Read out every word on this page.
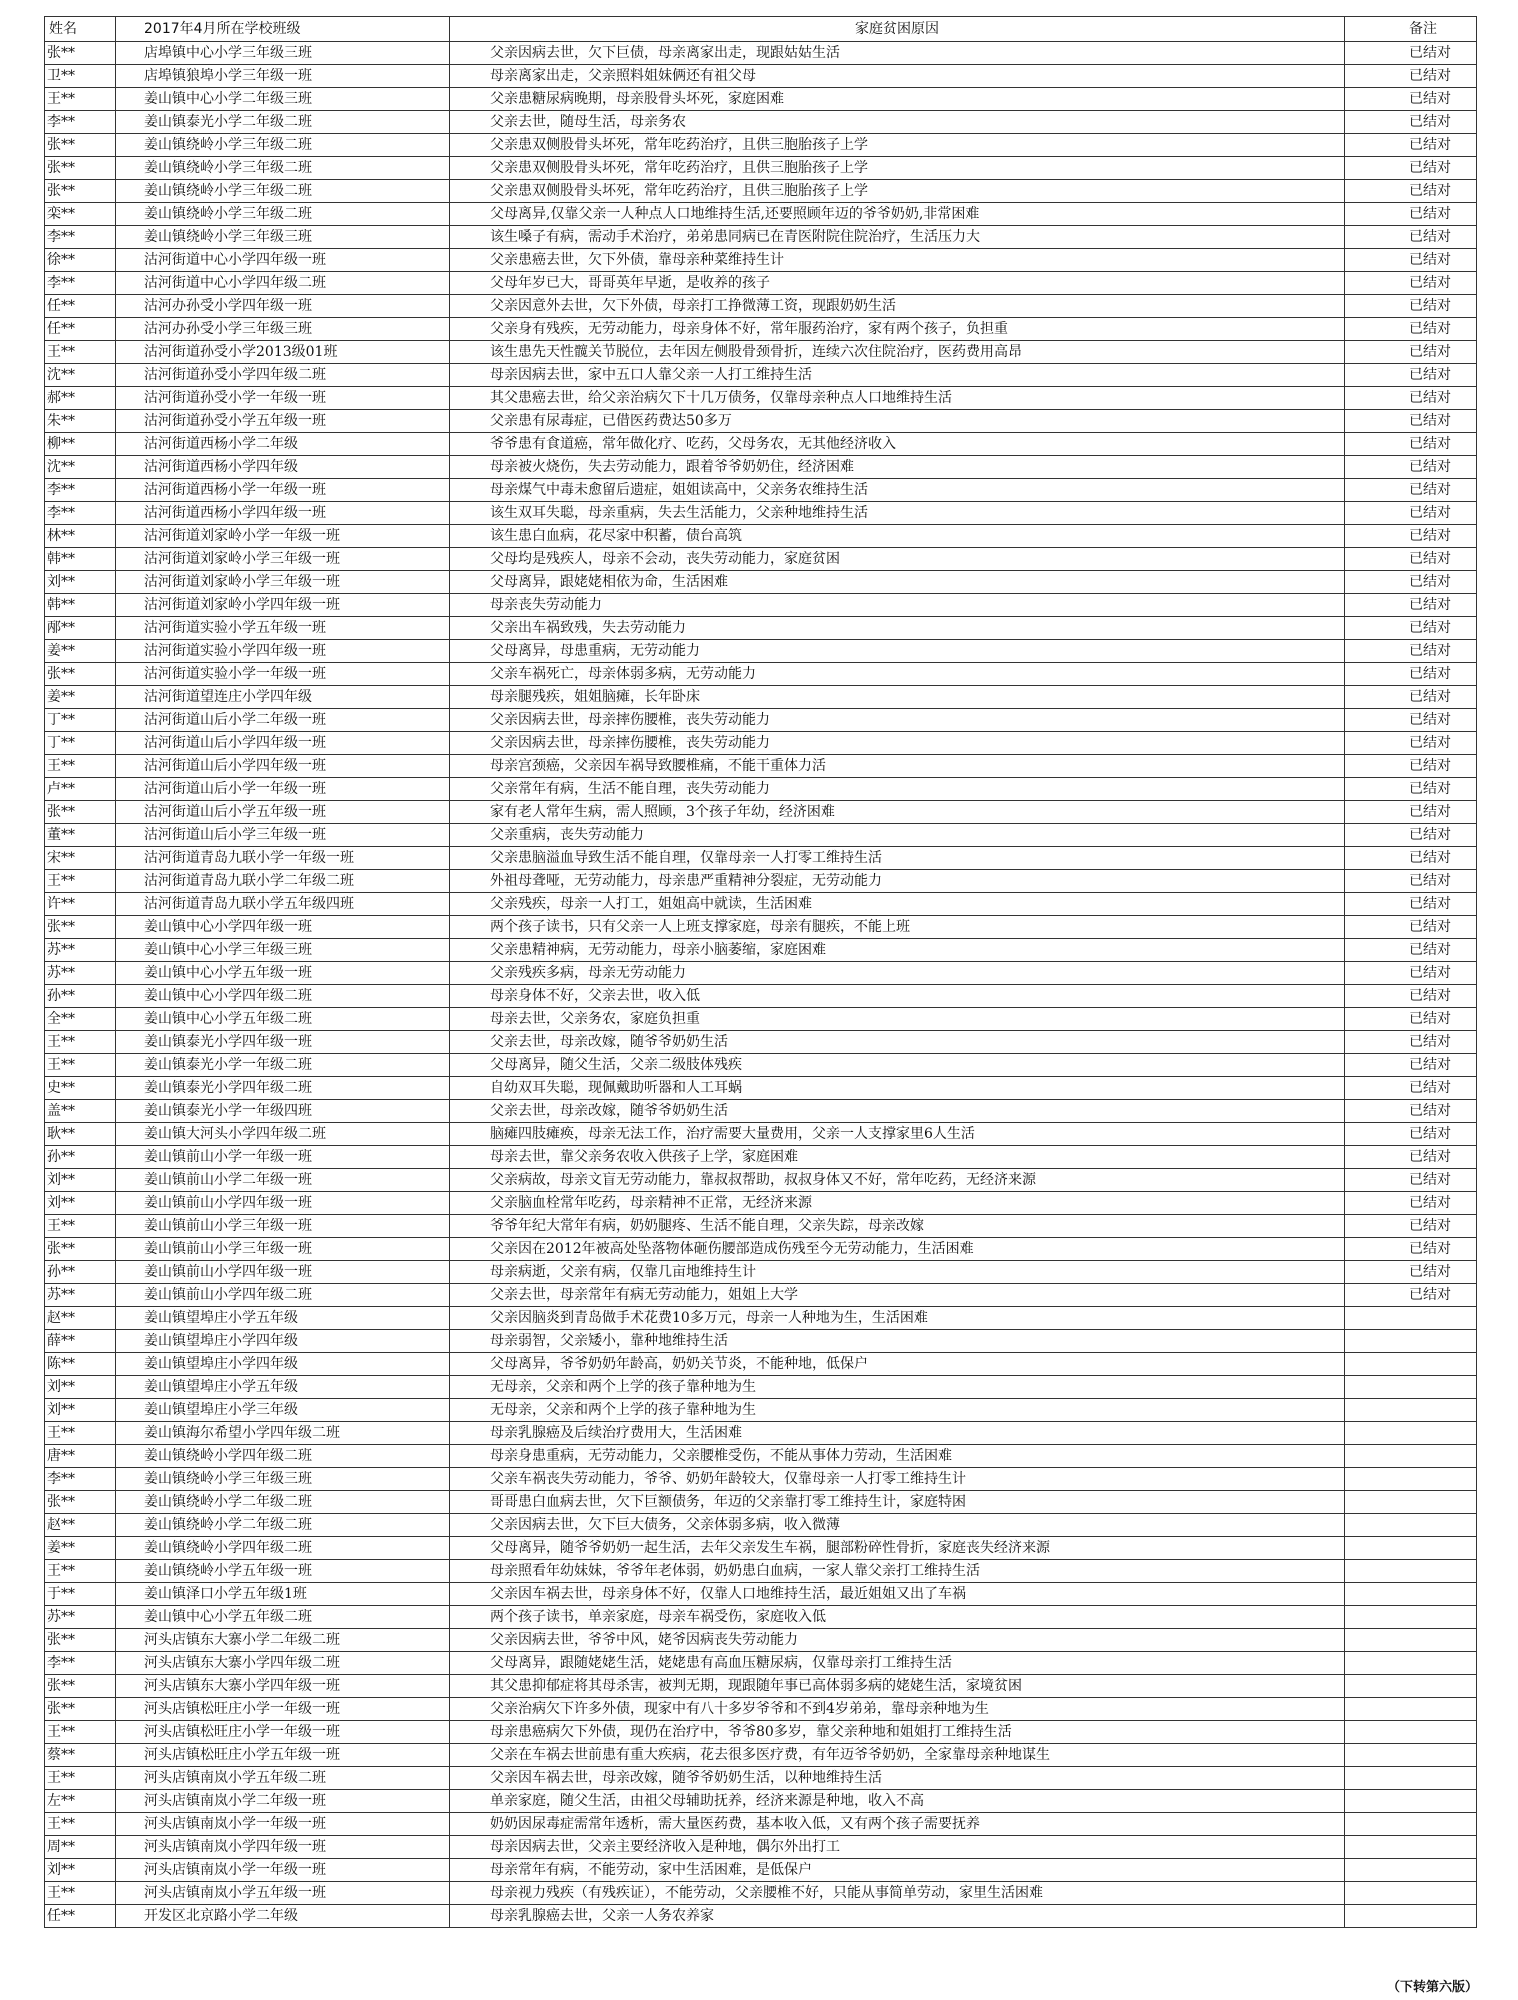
姓名	2017年4月所在学校班级	家庭贫困原因	备注
张**	店埠镇中心小学三年级三班	父亲因病去世，欠下巨债，母亲离家出走，现跟姑姑生活	已结对
卫**	店埠镇狼埠小学三年级一班	母亲离家出走，父亲照料姐妹俩还有祖父母	已结对
王**	姜山镇中心小学二年级三班	父亲患糖尿病晚期，母亲股骨头坏死，家庭困难	已结对
李**	姜山镇泰光小学二年级二班	父亲去世，随母生活，母亲务农	已结对
张**	姜山镇绕岭小学三年级二班	父亲患双侧股骨头坏死，常年吃药治疗，且供三胞胎孩子上学	已结对
张**	姜山镇绕岭小学三年级二班	父亲患双侧股骨头坏死，常年吃药治疗，且供三胞胎孩子上学	已结对
张**	姜山镇绕岭小学三年级二班	父亲患双侧股骨头坏死，常年吃药治疗，且供三胞胎孩子上学	已结对
栾**	姜山镇绕岭小学三年级二班	父母离异,仅靠父亲一人种点人口地维持生活,还要照顾年迈的爷爷奶奶,非常困难	已结对
李**	姜山镇绕岭小学三年级三班	该生嗓子有病，需动手术治疗，弟弟患同病已在青医附院住院治疗，生活压力大	已结对
徐**	沽河街道中心小学四年级一班	父亲患癌去世，欠下外债，靠母亲种菜维持生计	已结对
李**	沽河街道中心小学四年级二班	父母年岁已大，哥哥英年早逝，是收养的孩子	已结对
任**	沽河办孙受小学四年级一班	父亲因意外去世，欠下外债，母亲打工挣微薄工资，现跟奶奶生活	已结对
任**	沽河办孙受小学三年级三班	父亲身有残疾，无劳动能力，母亲身体不好，常年服药治疗，家有两个孩子，负担重	已结对
王**	沽河街道孙受小学2013级01班	该生患先天性髋关节脱位，去年因左侧股骨颈骨折，连续六次住院治疗，医药费用高昂	已结对
沈**	沽河街道孙受小学四年级二班	母亲因病去世，家中五口人靠父亲一人打工维持生活	已结对
郝**	沽河街道孙受小学一年级一班	其父患癌去世，给父亲治病欠下十几万债务，仅靠母亲种点人口地维持生活	已结对
朱**	沽河街道孙受小学五年级一班	父亲患有尿毒症，已借医药费达50多万	已结对
柳**	沽河街道西杨小学二年级	爷爷患有食道癌，常年做化疗、吃药，父母务农，无其他经济收入	已结对
沈**	沽河街道西杨小学四年级	母亲被火烧伤，失去劳动能力，跟着爷爷奶奶住，经济困难	已结对
李**	沽河街道西杨小学一年级一班	母亲煤气中毒未愈留后遗症，姐姐读高中，父亲务农维持生活	已结对
李**	沽河街道西杨小学四年级一班	该生双耳失聪，母亲重病，失去生活能力，父亲种地维持生活	已结对
林**	沽河街道刘家岭小学一年级一班	该生患白血病，花尽家中积蓄，债台高筑	已结对
韩**	沽河街道刘家岭小学三年级一班	父母均是残疾人，母亲不会动，丧失劳动能力，家庭贫困	已结对
刘**	沽河街道刘家岭小学三年级一班	父母离异，跟姥姥相依为命，生活困难	已结对
韩**	沽河街道刘家岭小学四年级一班	母亲丧失劳动能力	已结对
邴**	沽河街道实验小学五年级一班	父亲出车祸致残，失去劳动能力	已结对
姜**	沽河街道实验小学四年级一班	父母离异，母患重病，无劳动能力	已结对
张**	沽河街道实验小学一年级一班	父亲车祸死亡，母亲体弱多病，无劳动能力	已结对
姜**	沽河街道望连庄小学四年级	母亲腿残疾，姐姐脑瘫，长年卧床	已结对
丁**	沽河街道山后小学二年级一班	父亲因病去世，母亲摔伤腰椎，丧失劳动能力	已结对
丁**	沽河街道山后小学四年级一班	父亲因病去世，母亲摔伤腰椎，丧失劳动能力	已结对
王**	沽河街道山后小学四年级一班	母亲宫颈癌，父亲因车祸导致腰椎痛，不能干重体力活	已结对
卢**	沽河街道山后小学一年级一班	父亲常年有病，生活不能自理，丧失劳动能力	已结对
张**	沽河街道山后小学五年级一班	家有老人常年生病，需人照顾，3个孩子年幼，经济困难	已结对
董**	沽河街道山后小学三年级一班	父亲重病，丧失劳动能力	已结对
宋**	沽河街道青岛九联小学一年级一班	父亲患脑溢血导致生活不能自理，仅靠母亲一人打零工维持生活	已结对
王**	沽河街道青岛九联小学二年级二班	外祖母聋哑，无劳动能力，母亲患严重精神分裂症，无劳动能力	已结对
许**	沽河街道青岛九联小学五年级四班	父亲残疾，母亲一人打工，姐姐高中就读，生活困难	已结对
张**	姜山镇中心小学四年级一班	两个孩子读书，只有父亲一人上班支撑家庭，母亲有腿疾，不能上班	已结对
苏**	姜山镇中心小学三年级三班	父亲患精神病，无劳动能力，母亲小脑萎缩，家庭困难	已结对
苏**	姜山镇中心小学五年级一班	父亲残疾多病，母亲无劳动能力	已结对
孙**	姜山镇中心小学四年级二班	母亲身体不好，父亲去世，收入低	已结对
全**	姜山镇中心小学五年级二班	母亲去世，父亲务农，家庭负担重	已结对
王**	姜山镇泰光小学四年级一班	父亲去世，母亲改嫁，随爷爷奶奶生活	已结对
王**	姜山镇泰光小学一年级二班	父母离异，随父生活，父亲二级肢体残疾	已结对
史**	姜山镇泰光小学四年级二班	自幼双耳失聪，现佩戴助听器和人工耳蜗	已结对
盖**	姜山镇泰光小学一年级四班	父亲去世，母亲改嫁，随爷爷奶奶生活	已结对
耿**	姜山镇大河头小学四年级二班	脑瘫四肢瘫痪，母亲无法工作，治疗需要大量费用，父亲一人支撑家里6人生活	已结对
孙**	姜山镇前山小学一年级一班	母亲去世，靠父亲务农收入供孩子上学，家庭困难	已结对
刘**	姜山镇前山小学二年级一班	父亲病故，母亲文盲无劳动能力，靠叔叔帮助，叔叔身体又不好，常年吃药，无经济来源	已结对
刘**	姜山镇前山小学四年级一班	父亲脑血栓常年吃药，母亲精神不正常，无经济来源	已结对
王**	姜山镇前山小学三年级一班	爷爷年纪大常年有病，奶奶腿疼、生活不能自理，父亲失踪，母亲改嫁	已结对
张**	姜山镇前山小学三年级一班	父亲因在2012年被高处坠落物体砸伤腰部造成伤残至今无劳动能力，生活困难	已结对
孙**	姜山镇前山小学四年级一班	母亲病逝，父亲有病，仅靠几亩地维持生计	已结对
苏**	姜山镇前山小学四年级二班	父亲去世，母亲常年有病无劳动能力，姐姐上大学	已结对
赵**	姜山镇望埠庄小学五年级	父亲因脑炎到青岛做手术花费10多万元，母亲一人种地为生，生活困难	
薛**	姜山镇望埠庄小学四年级	母亲弱智，父亲矮小，靠种地维持生活	
陈**	姜山镇望埠庄小学四年级	父母离异，爷爷奶奶年龄高，奶奶关节炎，不能种地，低保户	
刘**	姜山镇望埠庄小学五年级	无母亲，父亲和两个上学的孩子靠种地为生	
刘**	姜山镇望埠庄小学三年级	无母亲，父亲和两个上学的孩子靠种地为生	
王**	姜山镇海尔希望小学四年级二班	母亲乳腺癌及后续治疗费用大，生活困难	
唐**	姜山镇绕岭小学四年级二班	母亲身患重病，无劳动能力，父亲腰椎受伤，不能从事体力劳动，生活困难	
李**	姜山镇绕岭小学三年级三班	父亲车祸丧失劳动能力，爷爷、奶奶年龄较大，仅靠母亲一人打零工维持生计	
张**	姜山镇绕岭小学二年级二班	哥哥患白血病去世，欠下巨额债务，年迈的父亲靠打零工维持生计，家庭特困	
赵**	姜山镇绕岭小学二年级二班	父亲因病去世，欠下巨大债务，父亲体弱多病，收入微薄	
姜**	姜山镇绕岭小学四年级二班	父母离异，随爷爷奶奶一起生活，去年父亲发生车祸，腿部粉碎性骨折，家庭丧失经济来源	
王**	姜山镇绕岭小学五年级一班	母亲照看年幼妹妹，爷爷年老体弱，奶奶患白血病，一家人靠父亲打工维持生活	
于**	姜山镇泽口小学五年级1班	父亲因车祸去世，母亲身体不好，仅靠人口地维持生活，最近姐姐又出了车祸	
苏**	姜山镇中心小学五年级二班	两个孩子读书，单亲家庭，母亲车祸受伤，家庭收入低	
张**	河头店镇东大寨小学二年级二班	父亲因病去世，爷爷中风，姥爷因病丧失劳动能力	
李**	河头店镇东大寨小学四年级二班	父母离异，跟随姥姥生活，姥姥患有高血压糖尿病，仅靠母亲打工维持生活	
张**	河头店镇东大寨小学四年级一班	其父患抑郁症将其母杀害，被判无期，现跟随年事已高体弱多病的姥姥生活，家境贫困	
张**	河头店镇松旺庄小学一年级一班	父亲治病欠下许多外债，现家中有八十多岁爷爷和不到4岁弟弟，靠母亲种地为生	
王**	河头店镇松旺庄小学一年级一班	母亲患癌病欠下外债，现仍在治疗中，爷爷80多岁，靠父亲种地和姐姐打工维持生活	
蔡**	河头店镇松旺庄小学五年级一班	父亲在车祸去世前患有重大疾病，花去很多医疗费，有年迈爷爷奶奶，全家靠母亲种地谋生	
王**	河头店镇南岚小学五年级二班	父亲因车祸去世，母亲改嫁，随爷爷奶奶生活，以种地维持生活	
左**	河头店镇南岚小学二年级一班	单亲家庭，随父生活，由祖父母辅助抚养，经济来源是种地，收入不高	
王**	河头店镇南岚小学一年级一班	奶奶因尿毒症需常年透析，需大量医药费，基本收入低，又有两个孩子需要抚养	
周**	河头店镇南岚小学四年级一班	母亲因病去世，父亲主要经济收入是种地，偶尔外出打工	
刘**	河头店镇南岚小学一年级一班	母亲常年有病，不能劳动，家中生活困难，是低保户	
王**	河头店镇南岚小学五年级一班	母亲视力残疾（有残疾证），不能劳动，父亲腰椎不好，只能从事简单劳动，家里生活困难	
任**	开发区北京路小学二年级	母亲乳腺癌去世，父亲一人务农养家	
（下转第六版）
